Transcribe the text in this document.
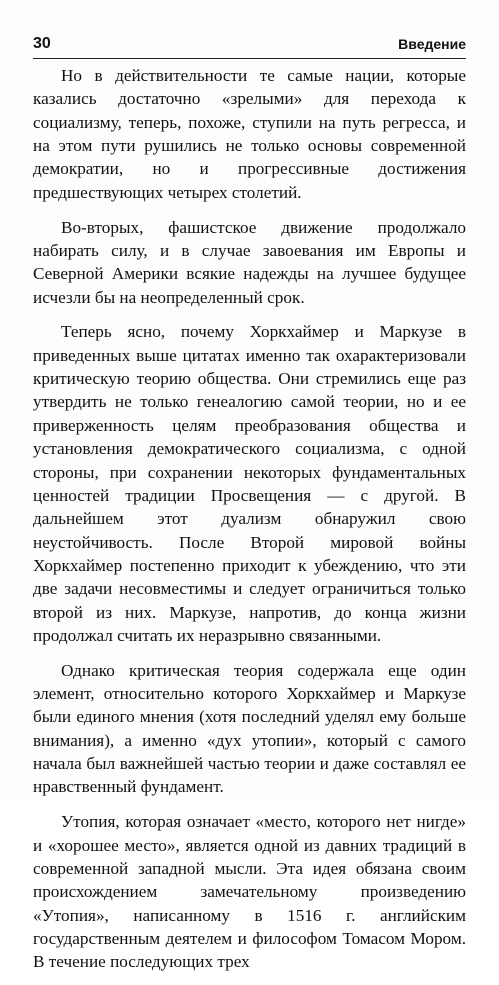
30	Введение

Но в действительности те самые нации, которые казались достаточно «зрелыми» для перехода к социализму, теперь, похоже, ступили на путь регресса, и на этом пути рушились не только основы современной демократии, но и прогрессивные достижения предшествующих четырех столетий.

Во-вторых, фашистское движение продолжало набирать силу, и в случае завоевания им Европы и Северной Америки всякие надежды на лучшее будущее исчезли бы на неопределенный срок.

Теперь ясно, почему Хоркхаймер и Маркузе в приведенных выше цитатах именно так охарактеризовали критическую теорию общества. Они стремились еще раз утвердить не только генеалогию самой теории, но и ее приверженность целям преобразования общества и установления демократического социализма, с одной стороны, при сохранении некоторых фундаментальных ценностей традиции Просвещения — с другой. В дальнейшем этот дуализм обнаружил свою неустойчивость. После Второй мировой войны Хоркхаймер постепенно приходит к убеждению, что эти две задачи несовместимы и следует ограничиться только второй из них. Маркузе, напротив, до конца жизни продолжал считать их неразрывно связанными.

Однако критическая теория содержала еще один элемент, относительно которого Хоркхаймер и Маркузе были единого мнения (хотя последний уделял ему больше внимания), а именно «дух утопии», который с самого начала был важнейшей частью теории и даже составлял ее нравственный фундамент.

Утопия, которая означает «место, которого нет нигде» и «хорошее место», является одной из давних традиций в современной западной мысли. Эта идея обязана своим происхождением замечательному произведению «Утопия», написанному в 1516 г. английским государственным деятелем и философом Томасом Мором. В течение последующих трех
